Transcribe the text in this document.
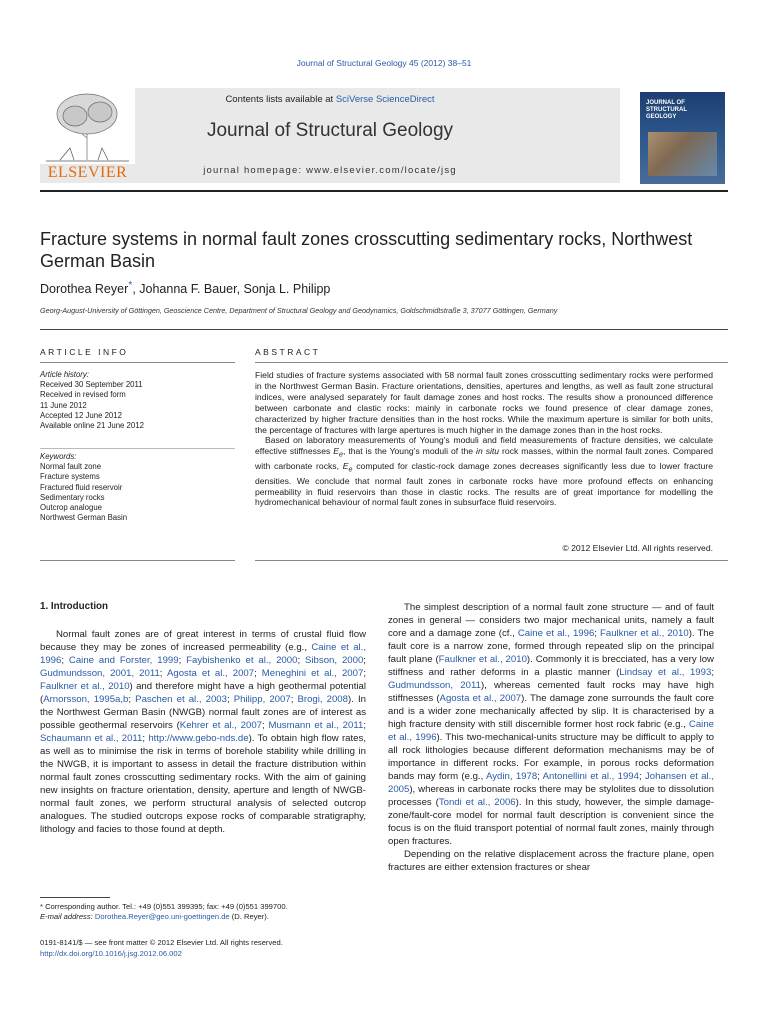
Journal of Structural Geology 45 (2012) 38–51
Contents lists available at SciVerse ScienceDirect
Journal of Structural Geology
journal homepage: www.elsevier.com/locate/jsg
ELSEVIER
JOURNAL OF
STRUCTURAL
GEOLOGY
Fracture systems in normal fault zones crosscutting sedimentary rocks, Northwest German Basin
Dorothea Reyer*, Johanna F. Bauer, Sonja L. Philipp
Georg-August-University of Göttingen, Geoscience Centre, Department of Structural Geology and Geodynamics, Goldschmidtstraße 3, 37077 Göttingen, Germany
ARTICLE INFO	ABSTRACT
Article history:
Received 30 September 2011
Received in revised form
11 June 2012
Accepted 12 June 2012
Available online 21 June 2012
Keywords:
Normal fault zone
Fracture systems
Fractured fluid reservoir
Sedimentary rocks
Outcrop analogue
Northwest German Basin

Field studies of fracture systems associated with 58 normal fault zones crosscutting sedimentary rocks were performed in the Northwest German Basin. Fracture orientations, densities, apertures and lengths, as well as fault zone structural indices, were analysed separately for fault damage zones and host rocks. The results show a pronounced difference between carbonate and clastic rocks: mainly in carbonate rocks we found presence of clear damage zones, characterized by higher fracture densities than in the host rocks. While the maximum aperture is similar for both units, the percentage of fractures with large apertures is much higher in the damage zones than in the host rocks.

Based on laboratory measurements of Young’s moduli and field measurements of fracture densities, we calculate effective stiffnesses $E_e$, that is the Young’s moduli of the in situ rock masses, within the normal fault zones. Compared with carbonate rocks, $E_e$ computed for clastic-rock damage zones decreases significantly less due to lower fracture densities. We conclude that normal fault zones in carbonate rocks have more profound effects on enhancing permeability in fluid reservoirs than those in clastic rocks. The results are of great importance for modelling the hydromechanical behaviour of normal fault zones in subsurface fluid reservoirs.

© 2012 Elsevier Ltd. All rights reserved.
1. Introduction

Normal fault zones are of great interest in terms of crustal fluid flow because they may be zones of increased permeability (e.g., Caine et al., 1996; Caine and Forster, 1999; Faybishenko et al., 2000; Sibson, 2000; Gudmundsson, 2001, 2011; Agosta et al., 2007; Meneghini et al., 2007; Faulkner et al., 2010) and therefore might have a high geothermal potential (Arnorsson, 1995a,b; Paschen et al., 2003; Philipp, 2007; Brogi, 2008). In the Northwest German Basin (NWGB) normal fault zones are of interest as possible geothermal reservoirs (Kehrer et al., 2007; Musmann et al., 2011; Schaumann et al., 2011; http://www.gebo-nds.de). To obtain high flow rates, as well as to minimise the risk in terms of borehole stability while drilling in the NWGB, it is important to assess in detail the fracture distribution within normal fault zones crosscutting sedimentary rocks. With the aim of gaining new insights on fracture orientation, density, aperture and length of NWGB-normal fault zones, we perform structural analysis of selected outcrop analogues. The studied outcrops expose rocks of comparable stratigraphy, lithology and facies to those found at depth.

The simplest description of a normal fault zone structure — and of fault zones in general — considers two major mechanical units, namely a fault core and a damage zone (cf., Caine et al., 1996; Faulkner et al., 2010). The fault core is a narrow zone, formed through repeated slip on the principal fault plane (Faulkner et al., 2010). Commonly it is brecciated, has a very low stiffness and rather deforms in a plastic manner (Lindsay et al., 1993; Gudmundsson, 2011), whereas cemented fault rocks may have high stiffnesses (Agosta et al., 2007). The damage zone surrounds the fault core and is a wider zone mechanically affected by slip. It is characterised by a high fracture density with still discernible former host rock fabric (e.g., Caine et al., 1996). This two-mechanical-units structure may be difficult to apply to all rock lithologies because different deformation mechanisms may be of importance in different rocks. For example, in porous rocks deformation bands may form (e.g., Aydin, 1978; Antonellini et al., 1994; Johansen et al., 2005), whereas in carbonate rocks there may be stylolites due to dissolution processes (Tondi et al., 2006). In this study, however, the simple damage-zone/fault-core model for normal fault description is convenient since the focus is on the fluid transport potential of normal fault zones, mainly through open fractures.

Depending on the relative displacement across the fracture plane, open fractures are either extension fractures or shear

* Corresponding author. Tel.: +49 (0)551 399395; fax: +49 (0)551 399700.
E-mail address: Dorothea.Reyer@geo.uni-goettingen.de (D. Reyer).
0191-8141/$ — see front matter © 2012 Elsevier Ltd. All rights reserved.
http://dx.doi.org/10.1016/j.jsg.2012.06.002
